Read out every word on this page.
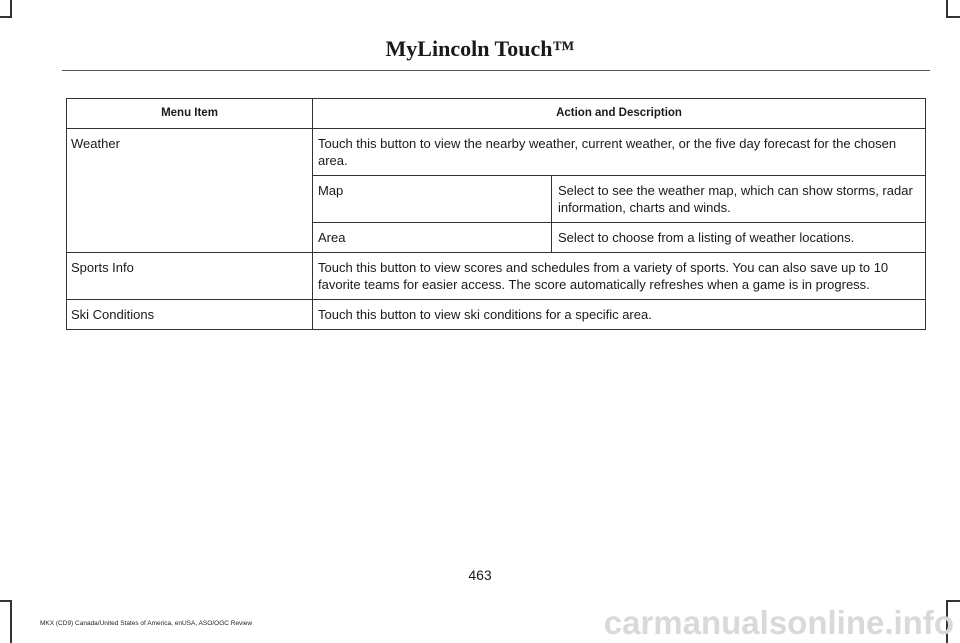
MyLincoln Touch™
Menu Item	Action and Description
Weather	Touch this button to view the nearby weather, current weather, or the five day forecast for the chosen area.
Map	Select to see the weather map, which can show storms, radar information, charts and winds.
Area	Select to choose from a listing of weather locations.
Sports Info	Touch this button to view scores and schedules from a variety of sports. You can also save up to 10 favorite teams for easier access. The score automatically refreshes when a game is in progress.
Ski Conditions	Touch this button to view ski conditions for a specific area.
463
MKX (CD9) Canada/United States of America, enUSA, ASO/OGC Review	carmanualsonline.info
